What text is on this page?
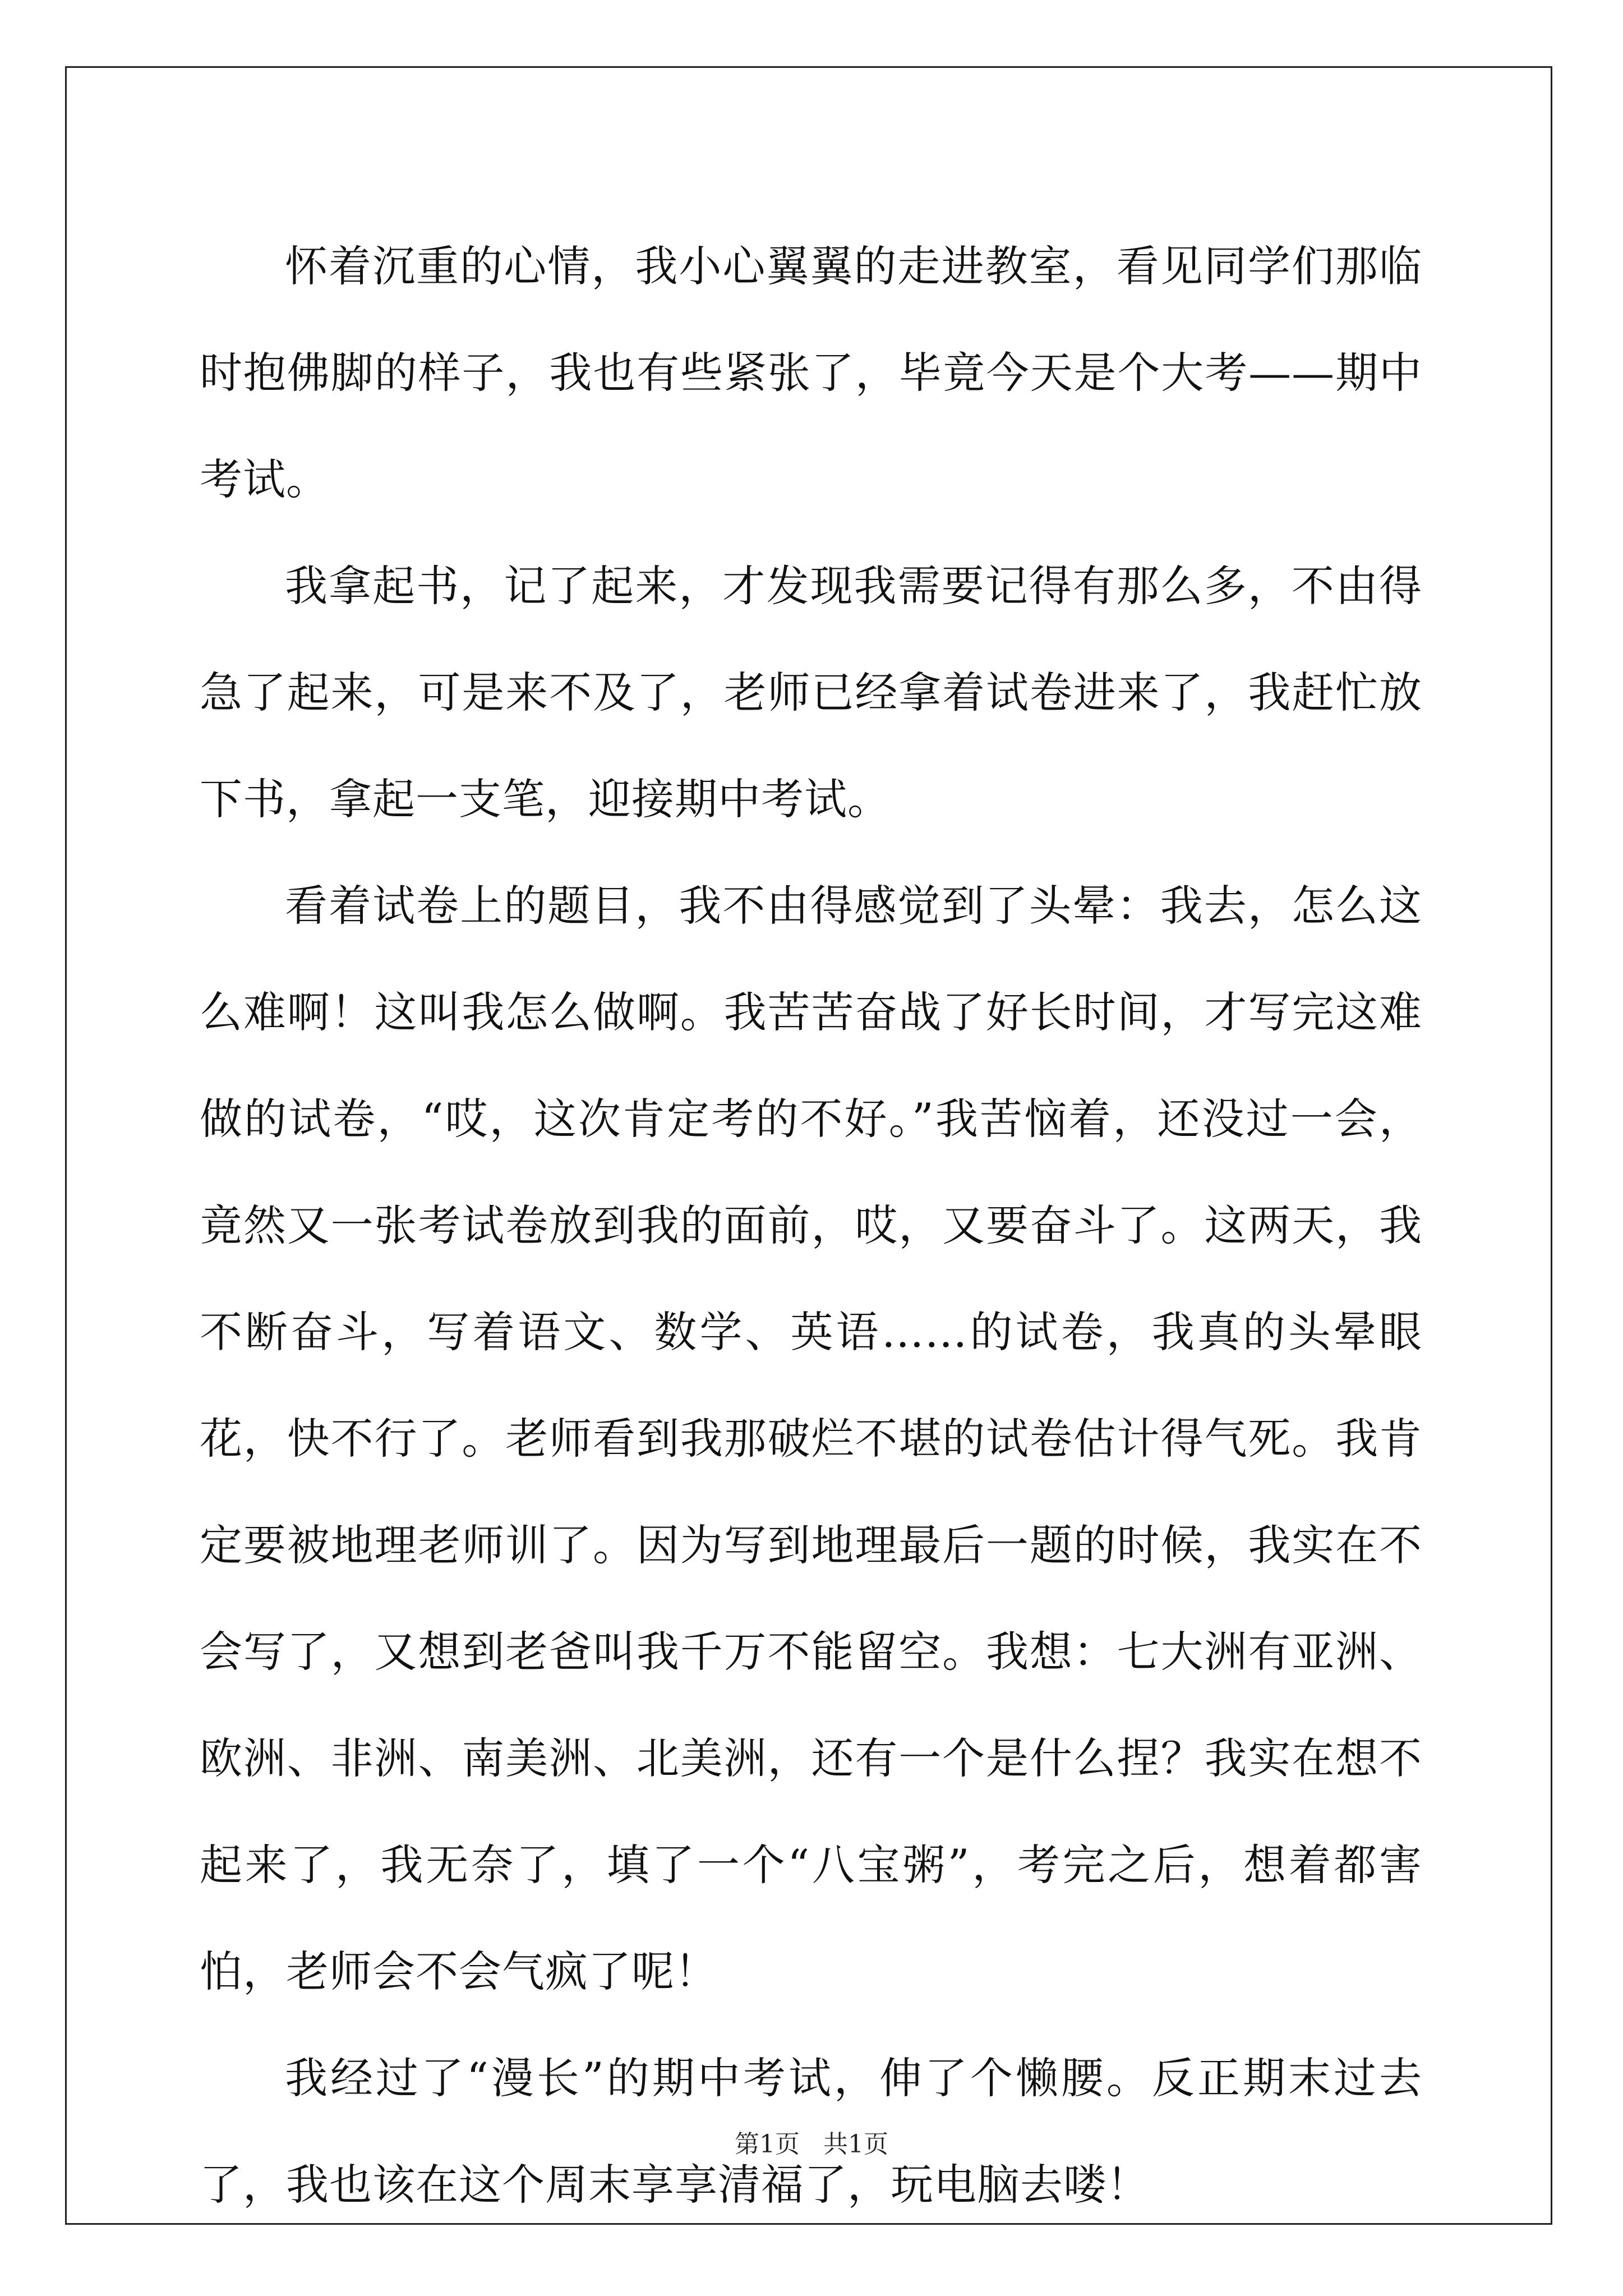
怀着沉重的心情，我小心翼翼的走进教室，看见同学们那临时抱佛脚的样子，我也有些紧张了，毕竟今天是个大考——期中考试。

我拿起书，记了起来，才发现我需要记得有那么多，不由得急了起来，可是来不及了，老师已经拿着试卷进来了，我赶忙放下书，拿起一支笔，迎接期中考试。

看着试卷上的题目，我不由得感觉到了头晕：我去，怎么这么难啊！这叫我怎么做啊。我苦苦奋战了好长时间，才写完这难做的试卷，“哎，这次肯定考的不好。”我苦恼着，还没过一会，竟然又一张考试卷放到我的面前，哎，又要奋斗了。这两天，我不断奋斗，写着语文、数学、英语……的试卷，我真的头晕眼花，快不行了。老师看到我那破烂不堪的试卷估计得气死。我肯定要被地理老师训了。因为写到地理最后一题的时候，我实在不会写了，又想到老爸叫我千万不能留空。我想：七大洲有亚洲、欧洲、非洲、南美洲、北美洲，还有一个是什么捏？我实在想不起来了，我无奈了，填了一个“八宝粥”，考完之后，想着都害怕，老师会不会气疯了呢！

我经过了“漫长”的期中考试，伸了个懒腰。反正期末过去了，我也该在这个周末享享清福了，玩电脑去喽！

第1页 共1页
